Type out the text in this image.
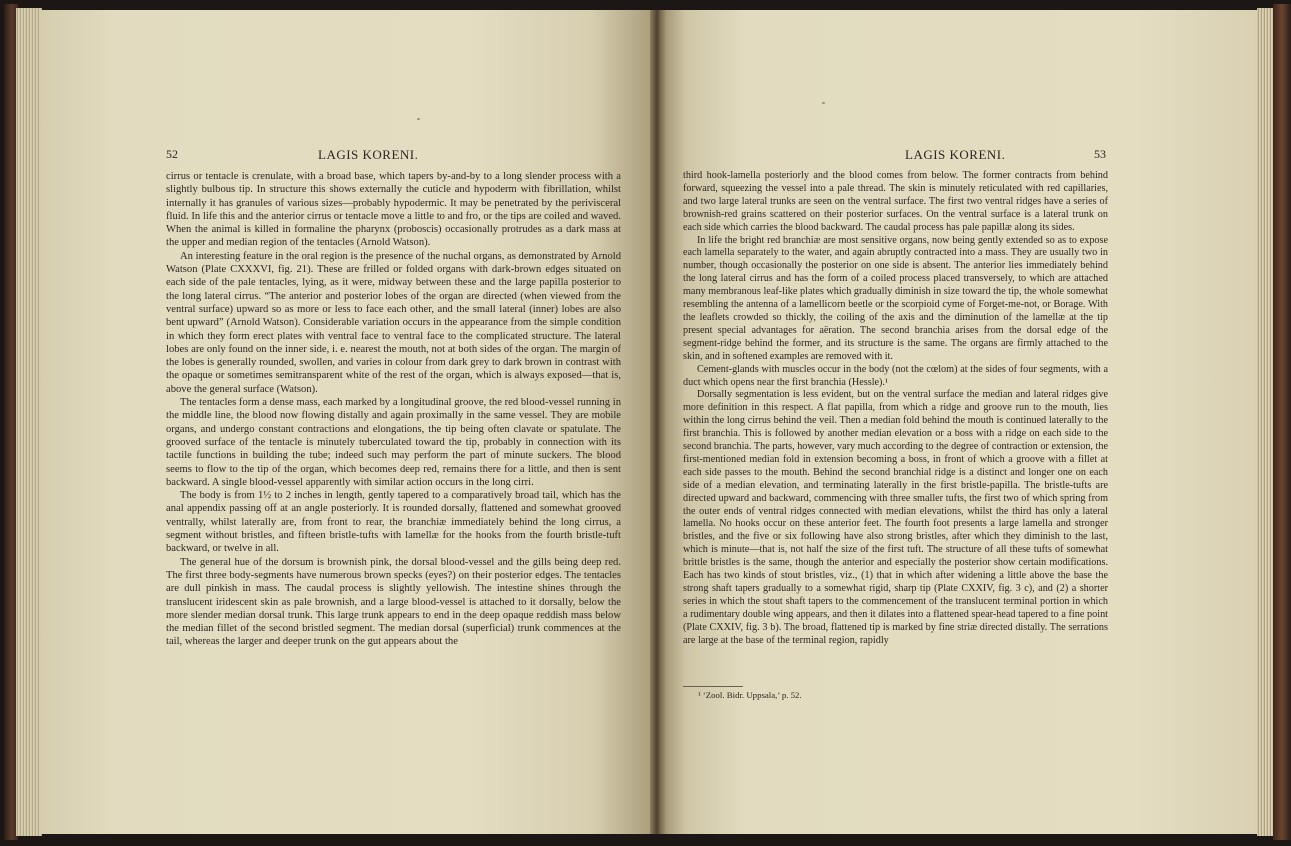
52	LAGIS KORENI.

cirrus or tentacle is crenulate, with a broad base, which tapers by-and-by to a long slender process with a slightly bulbous tip. In structure this shows externally the cuticle and hypoderm with fibrillation, whilst internally it has granules of various sizes—probably hypodermic. It may be penetrated by the perivisceral fluid. In life this and the anterior cirrus or tentacle move a little to and fro, or the tips are coiled and waved. When the animal is killed in formaline the pharynx (proboscis) occasionally protrudes as a dark mass at the upper and median region of the tentacles (Arnold Watson).

An interesting feature in the oral region is the presence of the nuchal organs, as demonstrated by Arnold Watson (Plate CXXXVI, fig. 21). These are frilled or folded organs with dark-brown edges situated on each side of the pale tentacles, lying, as it were, midway between these and the large papilla posterior to the long lateral cirrus. “The anterior and posterior lobes of the organ are directed (when viewed from the ventral surface) upward so as more or less to face each other, and the small lateral (inner) lobes are also bent upward” (Arnold Watson). Considerable variation occurs in the appearance from the simple condition in which they form erect plates with ventral face to ventral face to the complicated structure. The lateral lobes are only found on the inner side, i. e. nearest the mouth, not at both sides of the organ. The margin of the lobes is generally rounded, swollen, and varies in colour from dark grey to dark brown in contrast with the opaque or sometimes semitransparent white of the rest of the organ, which is always exposed—that is, above the general surface (Watson).

The tentacles form a dense mass, each marked by a longitudinal groove, the red blood-vessel running in the middle line, the blood now flowing distally and again proximally in the same vessel. They are mobile organs, and undergo constant contractions and elongations, the tip being often clavate or spatulate. The grooved surface of the tentacle is minutely tuberculated toward the tip, probably in connection with its tactile functions in building the tube; indeed such may perform the part of minute suckers. The blood seems to flow to the tip of the organ, which becomes deep red, remains there for a little, and then is sent backward. A single blood-vessel apparently with similar action occurs in the long cirri.

The body is from 1½ to 2 inches in length, gently tapered to a comparatively broad tail, which has the anal appendix passing off at an angle posteriorly. It is rounded dorsally, flattened and somewhat grooved ventrally, whilst laterally are, from front to rear, the branchiæ immediately behind the long cirrus, a segment without bristles, and fifteen bristle-tufts with lamellæ for the hooks from the fourth bristle-tuft backward, or twelve in all.

The general hue of the dorsum is brownish pink, the dorsal blood-vessel and the gills being deep red. The first three body-segments have numerous brown specks (eyes?) on their posterior edges. The tentacles are dull pinkish in mass. The caudal process is slightly yellowish. The intestine shines through the translucent iridescent skin as pale brownish, and a large blood-vessel is attached to it dorsally, below the more slender median dorsal trunk. This large trunk appears to end in the deep opaque reddish mass below the median fillet of the second bristled segment. The median dorsal (superficial) trunk commences at the tail, whereas the larger and deeper trunk on the gut appears about the

LAGIS KORENI.	53

third hook-lamella posteriorly and the blood comes from below. The former contracts from behind forward, squeezing the vessel into a pale thread. The skin is minutely reticulated with red capillaries, and two large lateral trunks are seen on the ventral surface. The first two ventral ridges have a series of brownish-red grains scattered on their posterior surfaces. On the ventral surface is a lateral trunk on each side which carries the blood backward. The caudal process has pale papillæ along its sides.

In life the bright red branchiæ are most sensitive organs, now being gently extended so as to expose each lamella separately to the water, and again abruptly contracted into a mass. They are usually two in number, though occasionally the posterior on one side is absent. The anterior lies immediately behind the long lateral cirrus and has the form of a coiled process placed transversely, to which are attached many membranous leaf-like plates which gradually diminish in size toward the tip, the whole somewhat resembling the antenna of a lamellicorn beetle or the scorpioid cyme of Forget-me-not, or Borage. With the leaflets crowded so thickly, the coiling of the axis and the diminution of the lamellæ at the tip present special advantages for aëration. The second branchia arises from the dorsal edge of the segment-ridge behind the former, and its structure is the same. The organs are firmly attached to the skin, and in softened examples are removed with it.

Cement-glands with muscles occur in the body (not the cœlom) at the sides of four segments, with a duct which opens near the first branchia (Hessle).¹

Dorsally segmentation is less evident, but on the ventral surface the median and lateral ridges give more definition in this respect. A flat papilla, from which a ridge and groove run to the mouth, lies within the long cirrus behind the veil. Then a median fold behind the mouth is continued laterally to the first branchia. This is followed by another median elevation or a boss with a ridge on each side to the second branchia. The parts, however, vary much according to the degree of contraction or extension, the first-mentioned median fold in extension becoming a boss, in front of which a groove with a fillet at each side passes to the mouth. Behind the second branchial ridge is a distinct and longer one on each side of a median elevation, and terminating laterally in the first bristle-papilla. The bristle-tufts are directed upward and backward, commencing with three smaller tufts, the first two of which spring from the outer ends of ventral ridges connected with median elevations, whilst the third has only a lateral lamella. No hooks occur on these anterior feet. The fourth foot presents a large lamella and stronger bristles, and the five or six following have also strong bristles, after which they diminish to the last, which is minute—that is, not half the size of the first tuft. The structure of all these tufts of somewhat brittle bristles is the same, though the anterior and especially the posterior show certain modifications. Each has two kinds of stout bristles, viz., (1) that in which after widening a little above the base the strong shaft tapers gradually to a somewhat rigid, sharp tip (Plate CXXIV, fig. 3 c), and (2) a shorter series in which the stout shaft tapers to the commencement of the translucent terminal portion in which a rudimentary double wing appears, and then it dilates into a flattened spear-head tapered to a fine point (Plate CXXIV, fig. 3 b). The broad, flattened tip is marked by fine striæ directed distally. The serrations are large at the base of the terminal region, rapidly

¹ ‘Zool. Bidr. Uppsala,’ p. 52.
